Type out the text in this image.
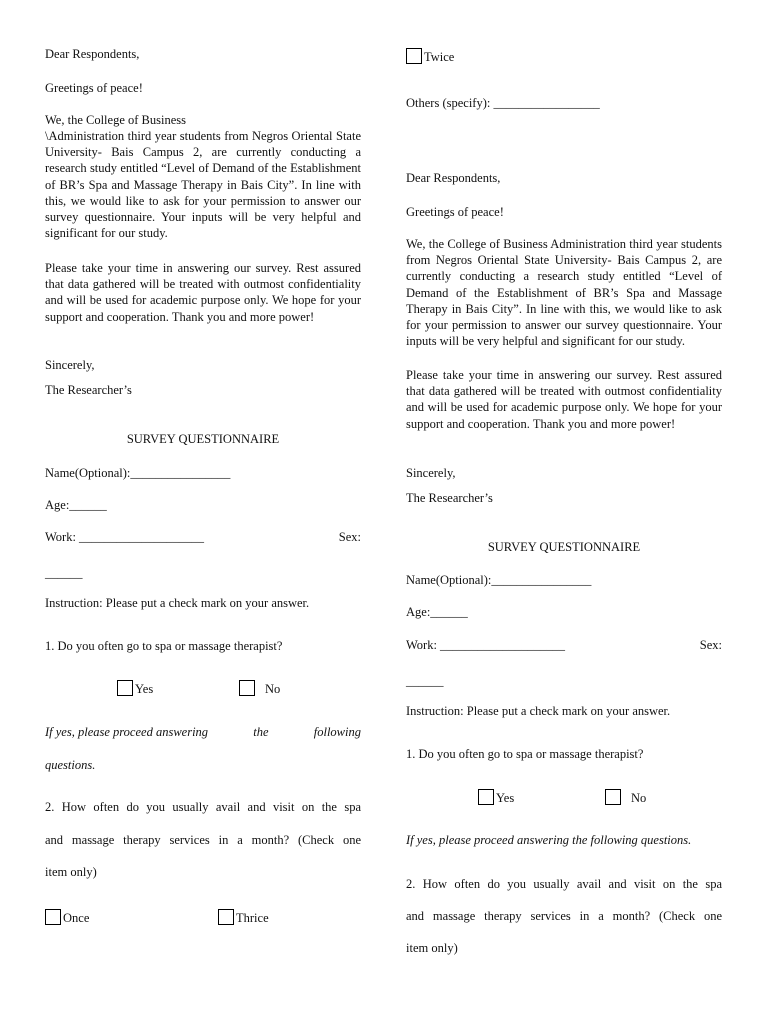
Dear Respondents,
Greetings of peace!
We, the College of Business
\Administration third year students from Negros Oriental State University- Bais Campus 2, are currently conducting a research study entitled “Level of Demand of the Establishment of BR’s Spa and Massage Therapy in Bais City”. In line with this, we would like to ask for your permission to answer our survey questionnaire. Your inputs will be very helpful and significant for our study.
Please take your time in answering our survey. Rest assured that data gathered will be treated with outmost confidentiality and will be used for academic purpose only. We hope for your support and cooperation. Thank you and more power!
Sincerely,
The Researcher’s
SURVEY QUESTIONNAIRE
Name(Optional):________________
Age:______
Work: ____________________	Sex:
______
Instruction: Please put a check mark on your answer.
1. Do you often go to spa or massage therapist?
Yes	No
If yes, please proceed answering	the	following
questions.
2. How often do you usually avail and visit on the spa
and massage therapy services in a month? (Check one
item only)
Once	Thrice
Twice
Others (specify): _________________
Dear Respondents,
Greetings of peace!
We, the College of Business Administration third year students from Negros Oriental State University- Bais Campus 2, are currently conducting a research study entitled “Level of Demand of the Establishment of BR’s Spa and Massage Therapy in Bais City”. In line with this, we would like to ask for your permission to answer our survey questionnaire. Your inputs will be very helpful and significant for our study.
Please take your time in answering our survey. Rest assured that data gathered will be treated with outmost confidentiality and will be used for academic purpose only. We hope for your support and cooperation. Thank you and more power!
Sincerely,
The Researcher’s
SURVEY QUESTIONNAIRE
Name(Optional):________________
Age:______
Work: ____________________	Sex:
______
Instruction: Please put a check mark on your answer.
1. Do you often go to spa or massage therapist?
Yes	No
If yes, please proceed answering the following questions.
2. How often do you usually avail and visit on the spa
and massage therapy services in a month? (Check one
item only)
